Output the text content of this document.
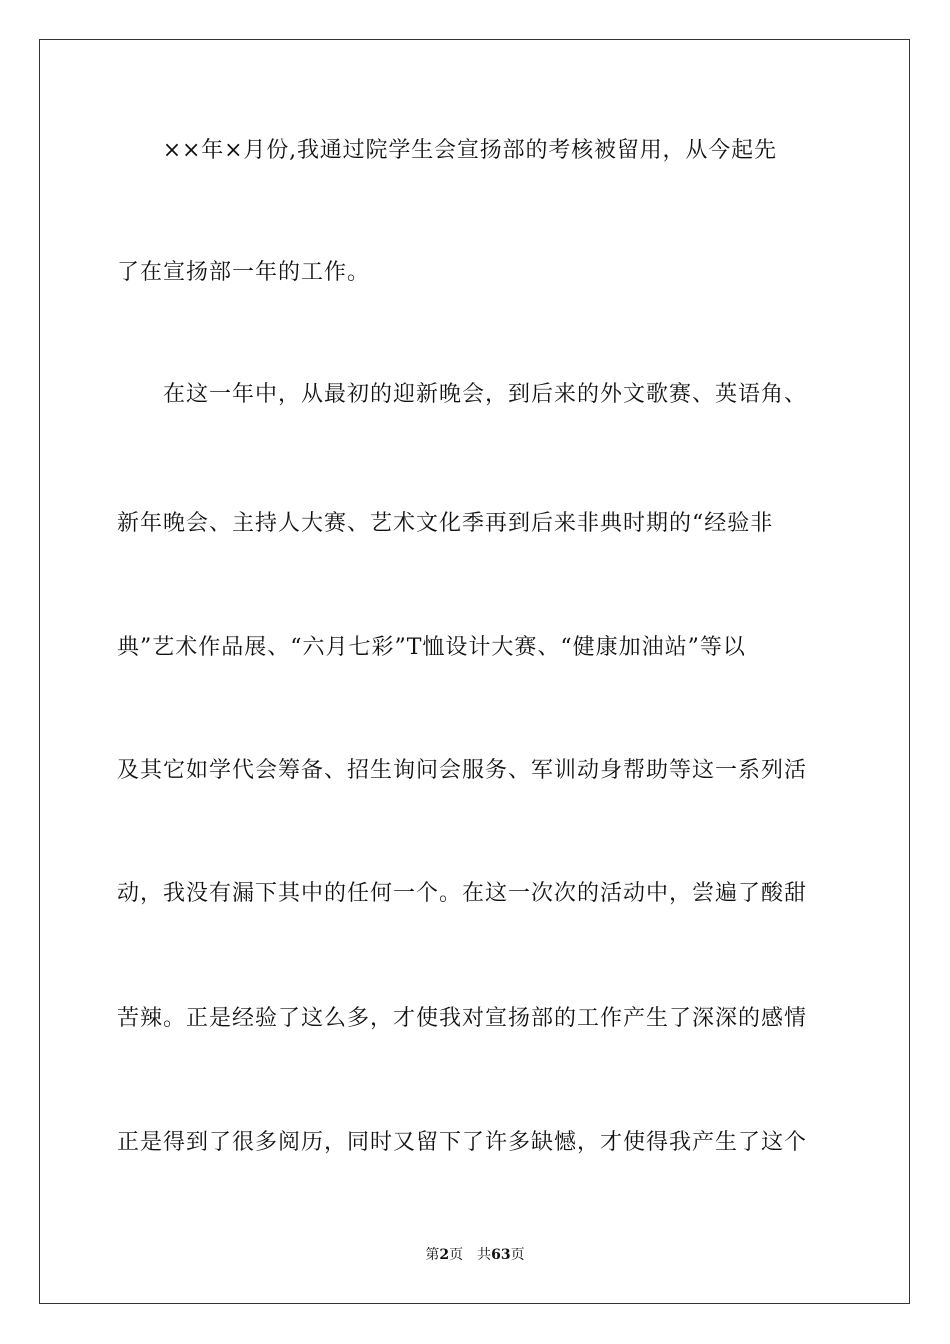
　　××年×月份,我通过院学生会宣扬部的考核被留用，从今起先
了在宣扬部一年的工作。
　　在这一年中，从最初的迎新晚会，到后来的外文歌赛、英语角、
新年晚会、主持人大赛、艺术文化季再到后来非典时期的“经验非
典”艺术作品展、“六月七彩”T恤设计大赛、“健康加油站”等以
及其它如学代会筹备、招生询问会服务、军训动身帮助等这一系列活
动，我没有漏下其中的任何一个。在这一次次的活动中，尝遍了酸甜
苦辣。正是经验了这么多，才使我对宣扬部的工作产生了深深的感情
正是得到了很多阅历，同时又留下了许多缺憾，才使得我产生了这个
第2页 共63页
